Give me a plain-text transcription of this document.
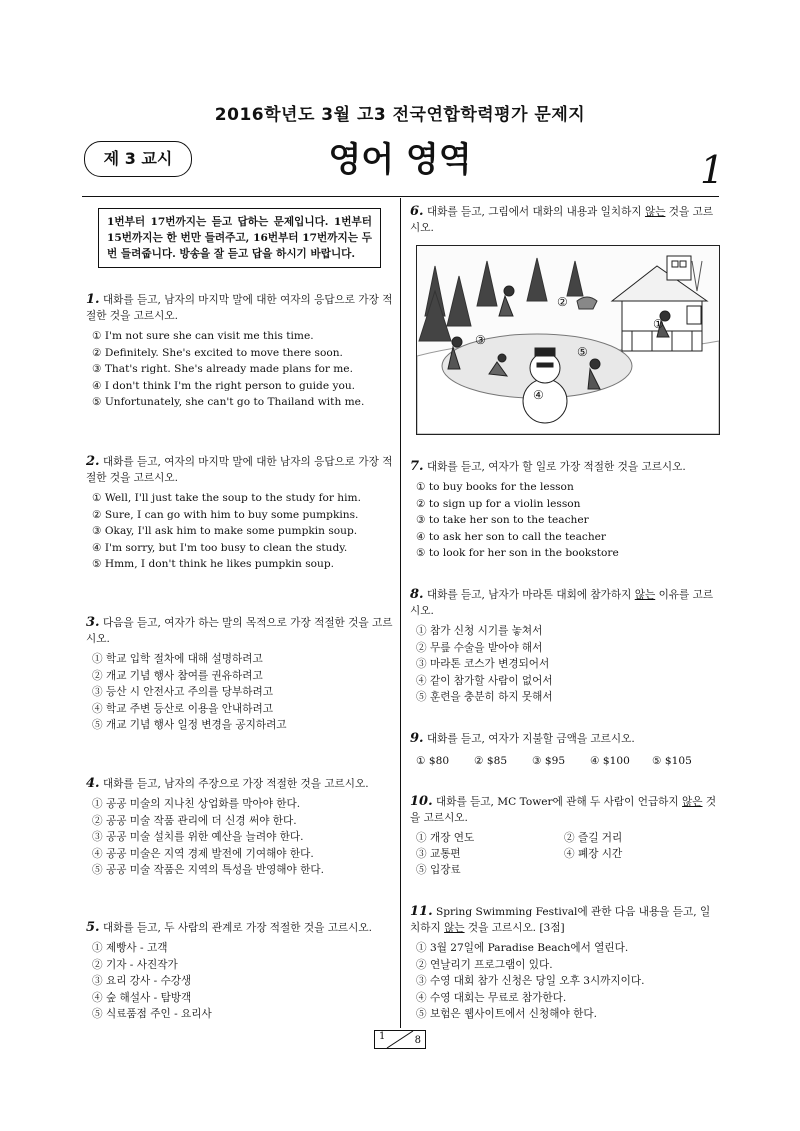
2016학년도 3월 고3 전국연합학력평가 문제지
제 3 교시	영어 영역	1
1번부터 17번까지는 듣고 답하는 문제입니다. 1번부터 15번까지는 한 번만 들려주고, 16번부터 17번까지는 두 번 들려줍니다. 방송을 잘 듣고 답을 하시기 바랍니다.

1. 대화를 듣고, 남자의 마지막 말에 대한 여자의 응답으로 가장 적절한 것을 고르시오.

① I'm not sure she can visit me this time.
② Definitely. She's excited to move there soon.
③ That's right. She's already made plans for me.
④ I don't think I'm the right person to guide you.
⑤ Unfortunately, she can't go to Thailand with me.

2. 대화를 듣고, 여자의 마지막 말에 대한 남자의 응답으로 가장 적절한 것을 고르시오.

① Well, I'll just take the soup to the study for him.
② Sure, I can go with him to buy some pumpkins.
③ Okay, I'll ask him to make some pumpkin soup.
④ I'm sorry, but I'm too busy to clean the study.
⑤ Hmm, I don't think he likes pumpkin soup.

3. 다음을 듣고, 여자가 하는 말의 목적으로 가장 적절한 것을 고르시오.

① 학교 입학 절차에 대해 설명하려고
② 개교 기념 행사 참여를 권유하려고
③ 등산 시 안전사고 주의를 당부하려고
④ 학교 주변 등산로 이용을 안내하려고
⑤ 개교 기념 행사 일정 변경을 공지하려고

4. 대화를 듣고, 남자의 주장으로 가장 적절한 것을 고르시오.

① 공공 미술의 지나친 상업화를 막아야 한다.
② 공공 미술 작품 관리에 더 신경 써야 한다.
③ 공공 미술 설치를 위한 예산을 늘려야 한다.
④ 공공 미술은 지역 경제 발전에 기여해야 한다.
⑤ 공공 미술 작품은 지역의 특성을 반영해야 한다.

5. 대화를 듣고, 두 사람의 관계로 가장 적절한 것을 고르시오.

① 제빵사 - 고객
② 기자 - 사진작가
③ 요리 강사 - 수강생
④ 숲 해설사 - 탐방객
⑤ 식료품점 주인 - 요리사

6. 대화를 듣고, 그림에서 대화의 내용과 일치하지 않는 것을 고르시오.

①
②
③
④
⑤

7. 대화를 듣고, 여자가 할 일로 가장 적절한 것을 고르시오.

① to buy books for the lesson
② to sign up for a violin lesson
③ to take her son to the teacher
④ to ask her son to call the teacher
⑤ to look for her son in the bookstore

8. 대화를 듣고, 남자가 마라톤 대회에 참가하지 않는 이유를 고르시오.

① 참가 신청 시기를 놓쳐서
② 무릎 수술을 받아야 해서
③ 마라톤 코스가 변경되어서
④ 같이 참가할 사람이 없어서
⑤ 훈련을 충분히 하지 못해서

9. 대화를 듣고, 여자가 지불할 금액을 고르시오.

① $80	② $85	③ $95	④ $100	⑤ $105

10. 대화를 듣고, MC Tower에 관해 두 사람이 언급하지 않은 것을 고르시오.

① 개장 연도	② 즐길 거리
③ 교통편	④ 폐장 시간
⑤ 입장료

11. Spring Swimming Festival에 관한 다음 내용을 듣고, 일치하지 않는 것을 고르시오. [3점]

① 3월 27일에 Paradise Beach에서 열린다.
② 연날리기 프로그램이 있다.
③ 수영 대회 참가 신청은 당일 오후 3시까지이다.
④ 수영 대회는 무료로 참가한다.
⑤ 보험은 웹사이트에서 신청해야 한다.
1	8
